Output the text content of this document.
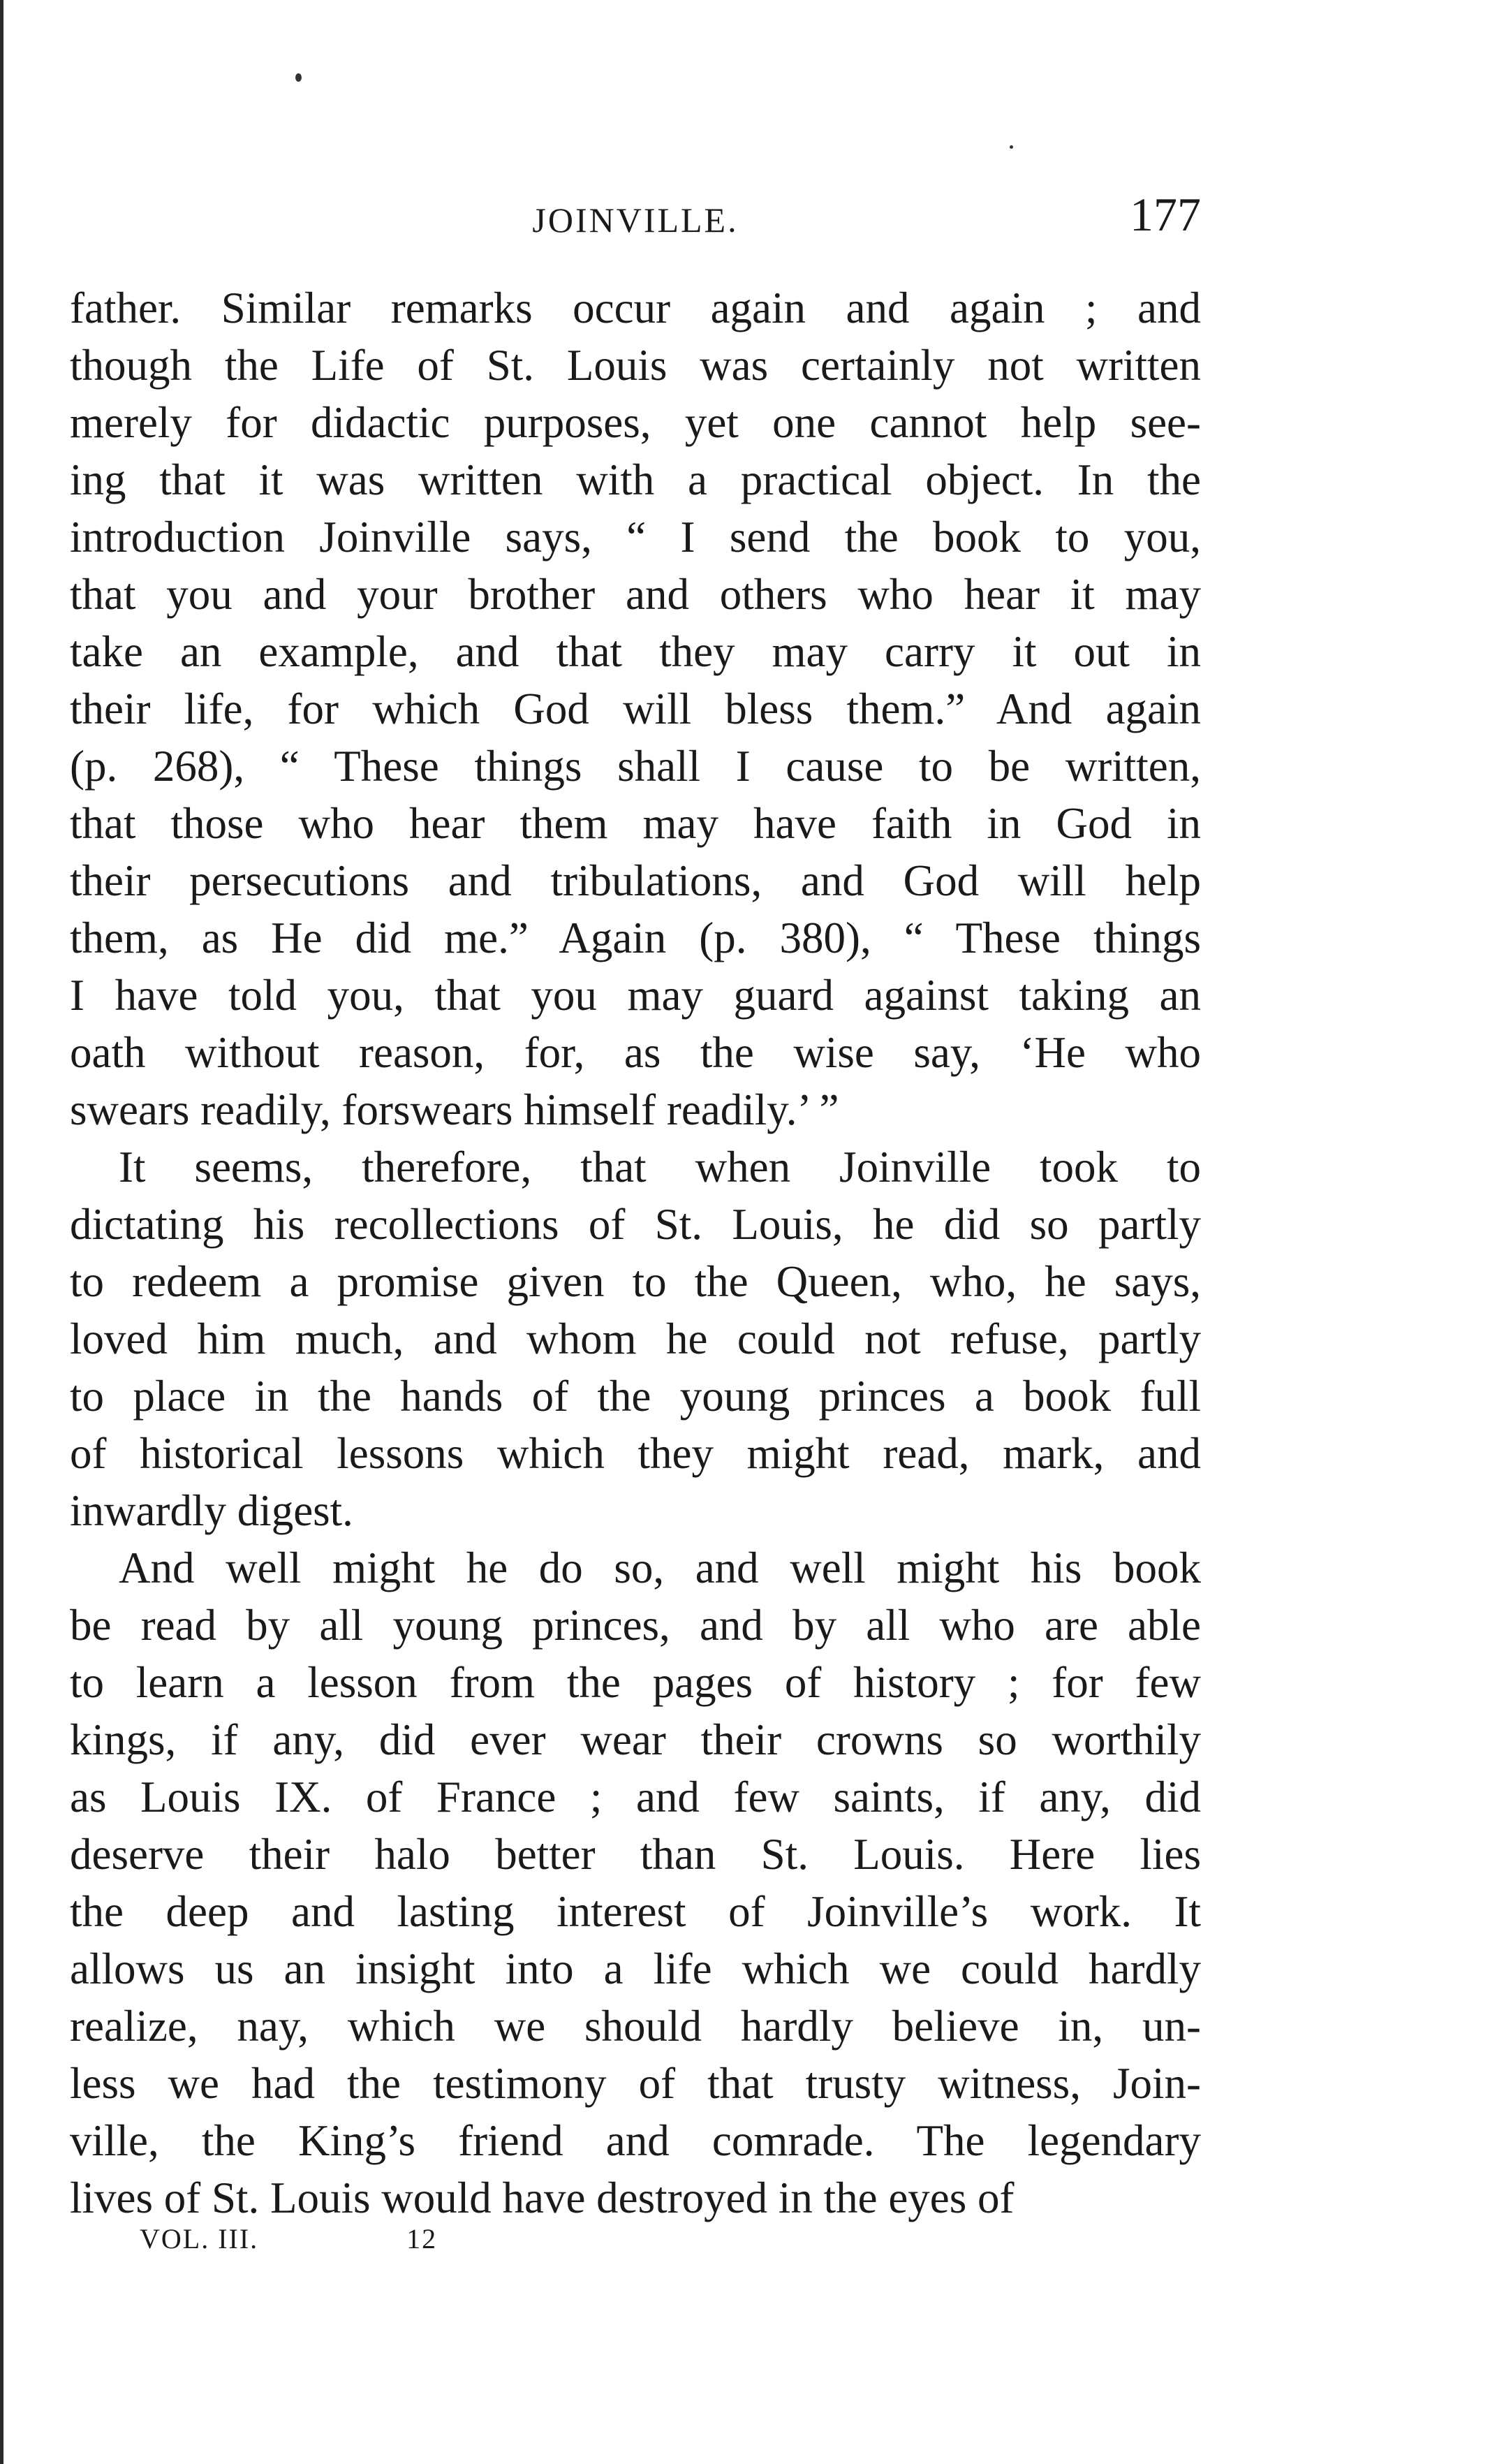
JOINVILLE.	177
father. Similar remarks occur again and again ; and
though the Life of St. Louis was certainly not written
merely for didactic purposes, yet one cannot help see-
ing that it was written with a practical object. In the
introduction Joinville says, “ I send the book to you,
that you and your brother and others who hear it may
take an example, and that they may carry it out in
their life, for which God will bless them.” And again
(p. 268), “ These things shall I cause to be written,
that those who hear them may have faith in God in
their persecutions and tribulations, and God will help
them, as He did me.” Again (p. 380), “ These things
I have told you, that you may guard against taking an
oath without reason, for, as the wise say, ‘He who
swears readily, forswears himself readily.’ ”
It seems, therefore, that when Joinville took to
dictating his recollections of St. Louis, he did so partly
to redeem a promise given to the Queen, who, he says,
loved him much, and whom he could not refuse, partly
to place in the hands of the young princes a book full
of historical lessons which they might read, mark, and
inwardly digest.
And well might he do so, and well might his book
be read by all young princes, and by all who are able
to learn a lesson from the pages of history ; for few
kings, if any, did ever wear their crowns so worthily
as Louis IX. of France ; and few saints, if any, did
deserve their halo better than St. Louis. Here lies
the deep and lasting interest of Joinville’s work. It
allows us an insight into a life which we could hardly
realize, nay, which we should hardly believe in, un-
less we had the testimony of that trusty witness, Join-
ville, the King’s friend and comrade. The legendary
lives of St. Louis would have destroyed in the eyes of
VOL. III.	12
